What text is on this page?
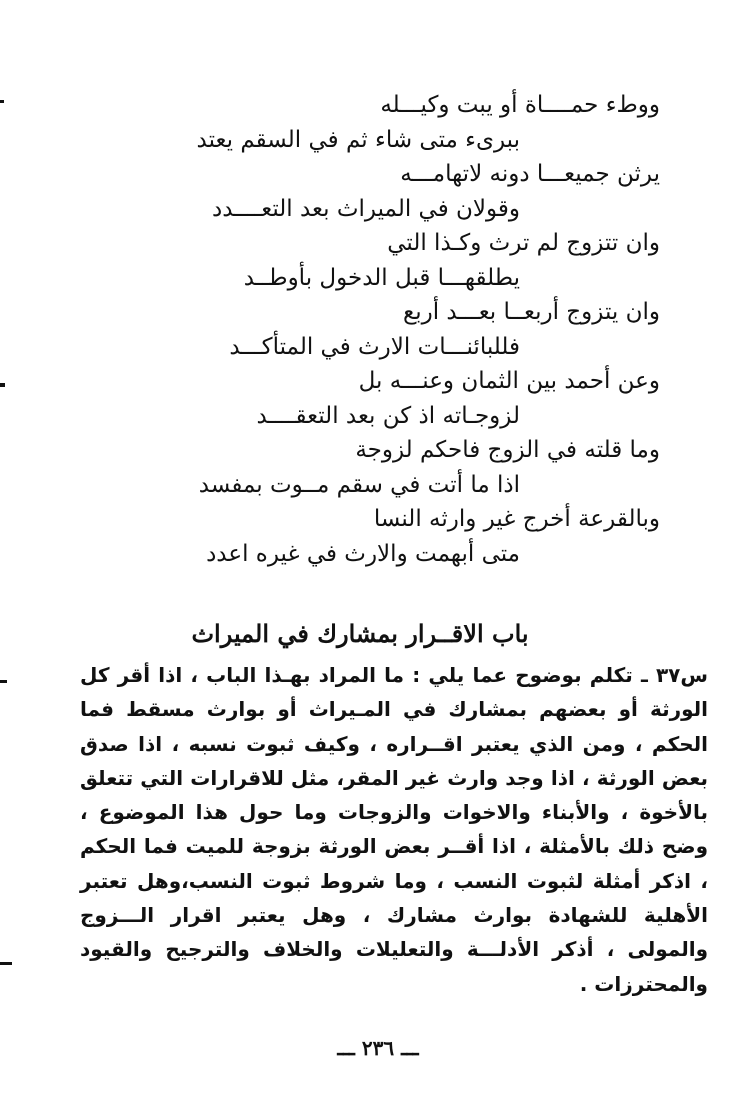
ووطء حمــــاة أو يبت وكيـــله
ببرىء متى شاء ثم في السقم يعتد
يرثن جميعـــا دونه لاتهامـــه
وقولان في الميراث بعد التعــــدد
وان تتزوج لم ترث وكـذا التي
يطلقهـــا قبل الدخول بأوطــد
وان يتزوج أربعــا بعـــد أربع
فللبائنـــات الارث في المتأكـــد
وعن أحمد بين الثمان وعنـــه بل
لزوجـاته اذ كن بعد التعقــــد
وما قلته في الزوج فاحكم لزوجة
اذا ما أتت في سقم مــوت بمفسد
وبالقرعة أخرج غير وارثه النسا
متى أبهمت والارث في غيره اعدد
باب الاقــرار بمشارك في الميراث
س٣٧ ـ تكلم بوضوح عما يلي : ما المراد بهـذا الباب ، اذا أقر كل الورثة أو بعضهم بمشارك في المـيراث أو بوارث مسقط فما الحكم ، ومن الذي يعتبر اقــراره ، وكيف ثبوت نسبه ، اذا صدق بعض الورثة ، اذا وجد وارث غير المقر، مثل للاقرارات التي تتعلق بالأخوة ، والأبناء والاخوات والزوجات وما حول هذا الموضوع ، وضح ذلك بالأمثلة ، اذا أقــر بعض الورثة بزوجة للميت فما الحكم ، اذكر أمثلة لثبوت النسب ، وما شروط ثبوت النسب،وهل تعتبر الأهلية للشهادة بوارث مشارك ، وهل يعتبر اقرار الـــزوج والمولى ، أذكر الأدلـــة والتعليلات والخلاف والترجيح والقيود والمحترزات .
ـــ ٢٣٦ ـــ
